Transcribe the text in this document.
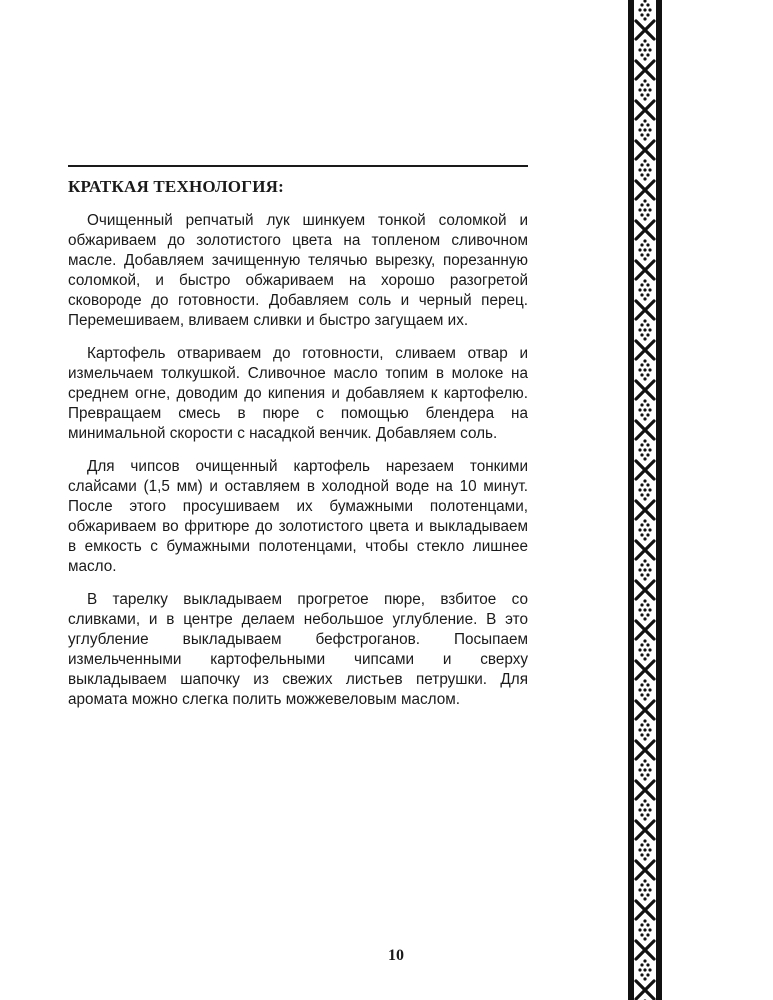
КРАТКАЯ ТЕХНОЛОГИЯ:

Очищенный репчатый лук шинкуем тонкой соломкой и обжариваем до золотистого цвета на топленом сливочном масле. Добавляем зачищенную телячью вырезку, порезанную соломкой, и быстро обжариваем на хорошо разогретой сковороде до готовности. Добавляем соль и черный перец. Перемешиваем, вливаем сливки и быстро загущаем их.

Картофель отвариваем до готовности, сливаем отвар и измельчаем толкушкой. Сливочное масло топим в молоке на среднем огне, доводим до кипения и добавляем к картофелю. Превращаем смесь в пюре с помощью блендера на минимальной скорости с насадкой венчик. Добавляем соль.

Для чипсов очищенный картофель нарезаем тонкими слайсами (1,5 мм) и оставляем в холодной воде на 10 минут. После этого просушиваем их бумажными полотенцами, обжариваем во фритюре до золотистого цвета и выкладываем в емкость с бумажными полотенцами, чтобы стекло лишнее масло.

В тарелку выкладываем прогретое пюре, взбитое со сливками, и в центре делаем небольшое углубление. В это углубление выкладываем бефстроганов. Посыпаем измельченными картофельными чипсами и сверху выкладываем шапочку из свежих листьев петрушки. Для аромата можно слегка полить можжевеловым маслом.

10
